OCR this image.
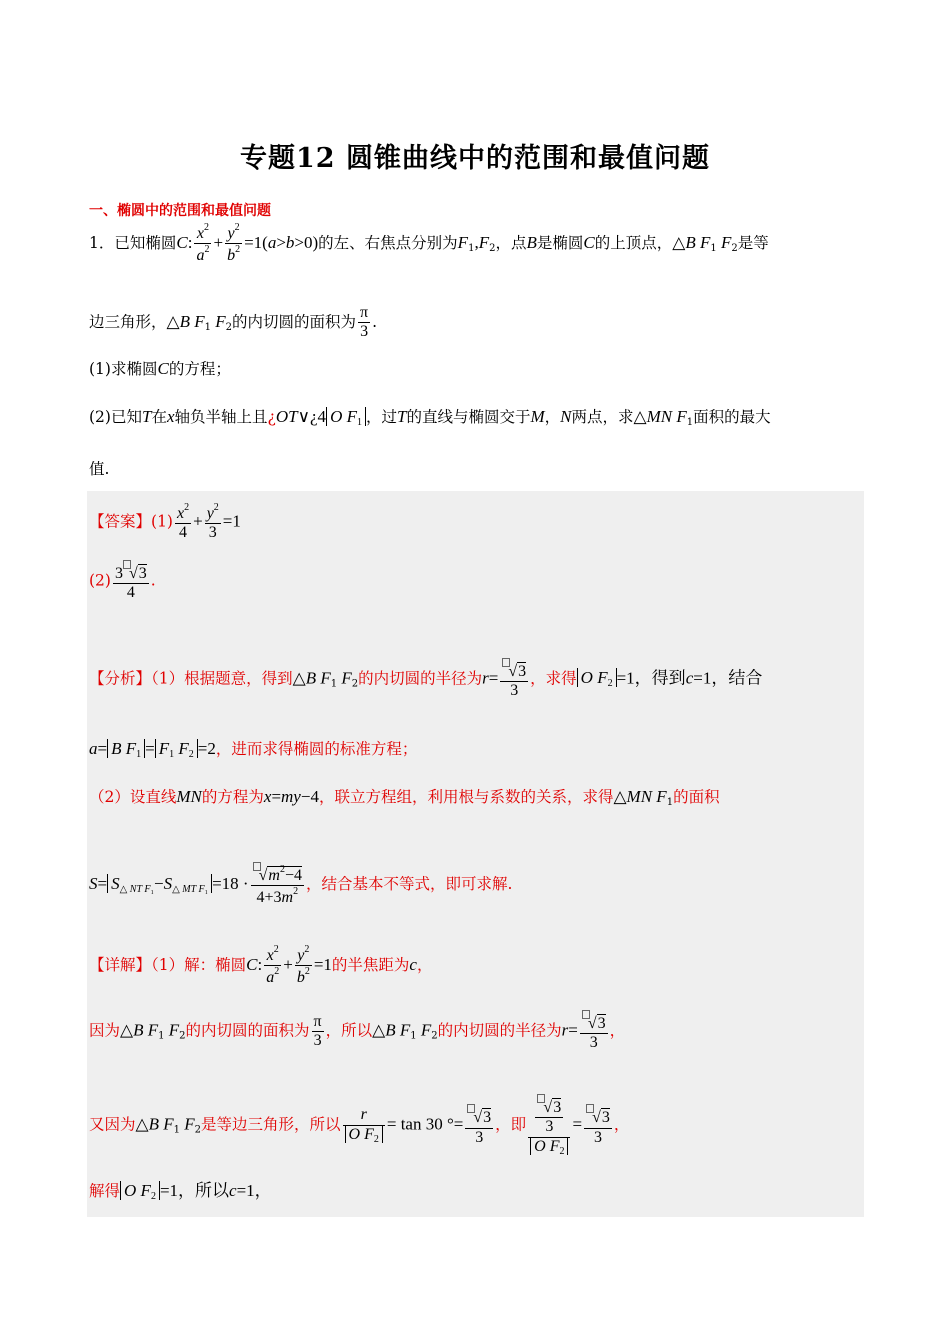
专题12 圆锥曲线中的范围和最值问题
一、椭圆中的范围和最值问题
1．已知椭圆C: $\frac{x^2}{a^2} + \frac{y^2}{b^2} =1(a>b>0)$的左、右焦点分别为$F_1,F_2$，点B是椭圆C的上顶点，△B $F_1$ $F_2$是等
边三角形，△B $F_1$ $F_2$的内切圆的面积为 $\frac{\pi}{3}$ .
(1)求椭圆C的方程；
(2)已知T在x轴负半轴上且¿OT∨¿4 O $F_1$ ，过T的直线与椭圆交于M，N两点，求△MN $F_1$面积的最大
值.
【答案】$(1) \frac{x^2}{4} + \frac{y^2}{3} =1$
$(2) \frac{3 √3}{4}$ .
【分析】（1）根据题意，得到△B $F_1$ $F_2$的内切圆的半径为$r= \frac{√3}{3}$ ，求得 O $F_2 =1$，得到c=1，结合
a= B $F_1 = F_1$ $F_2 =2$，进而求得椭圆的标准方程；
（2）设直线MN的方程为x=my−4，联立方程组，利用根与系数的关系，求得△MN $F_1$的面积
$S= S_{\triangle NT F_1}-S_{\triangle MT F_1} =18 \cdot \frac{√m^2-4}{4+3m^2}$ ，结合基本不等式，即可求解.
【详解】（1）解：椭圆C: $\frac{x^2}{a^2} + \frac{y^2}{b^2} =1$的半焦距为c，
因为△B $F_1$ $F_2$的内切圆的面积为 $\frac{\pi}{3}$ ，所以△B $F_1$ $F_2$的内切圆的半径为$r= \frac{√3}{3}$ ，
又因为△B $F_1$ $F_2$是等边三角形，所以 $\frac{r}{O F_2} = \tan 30$ °= $\frac{√3}{3}$ ，即 $\frac{\frac{√3}{3}}{O F_2} = \frac{√3}{3}$ ，
解得 O $F_2 =1$，所以c=1，
